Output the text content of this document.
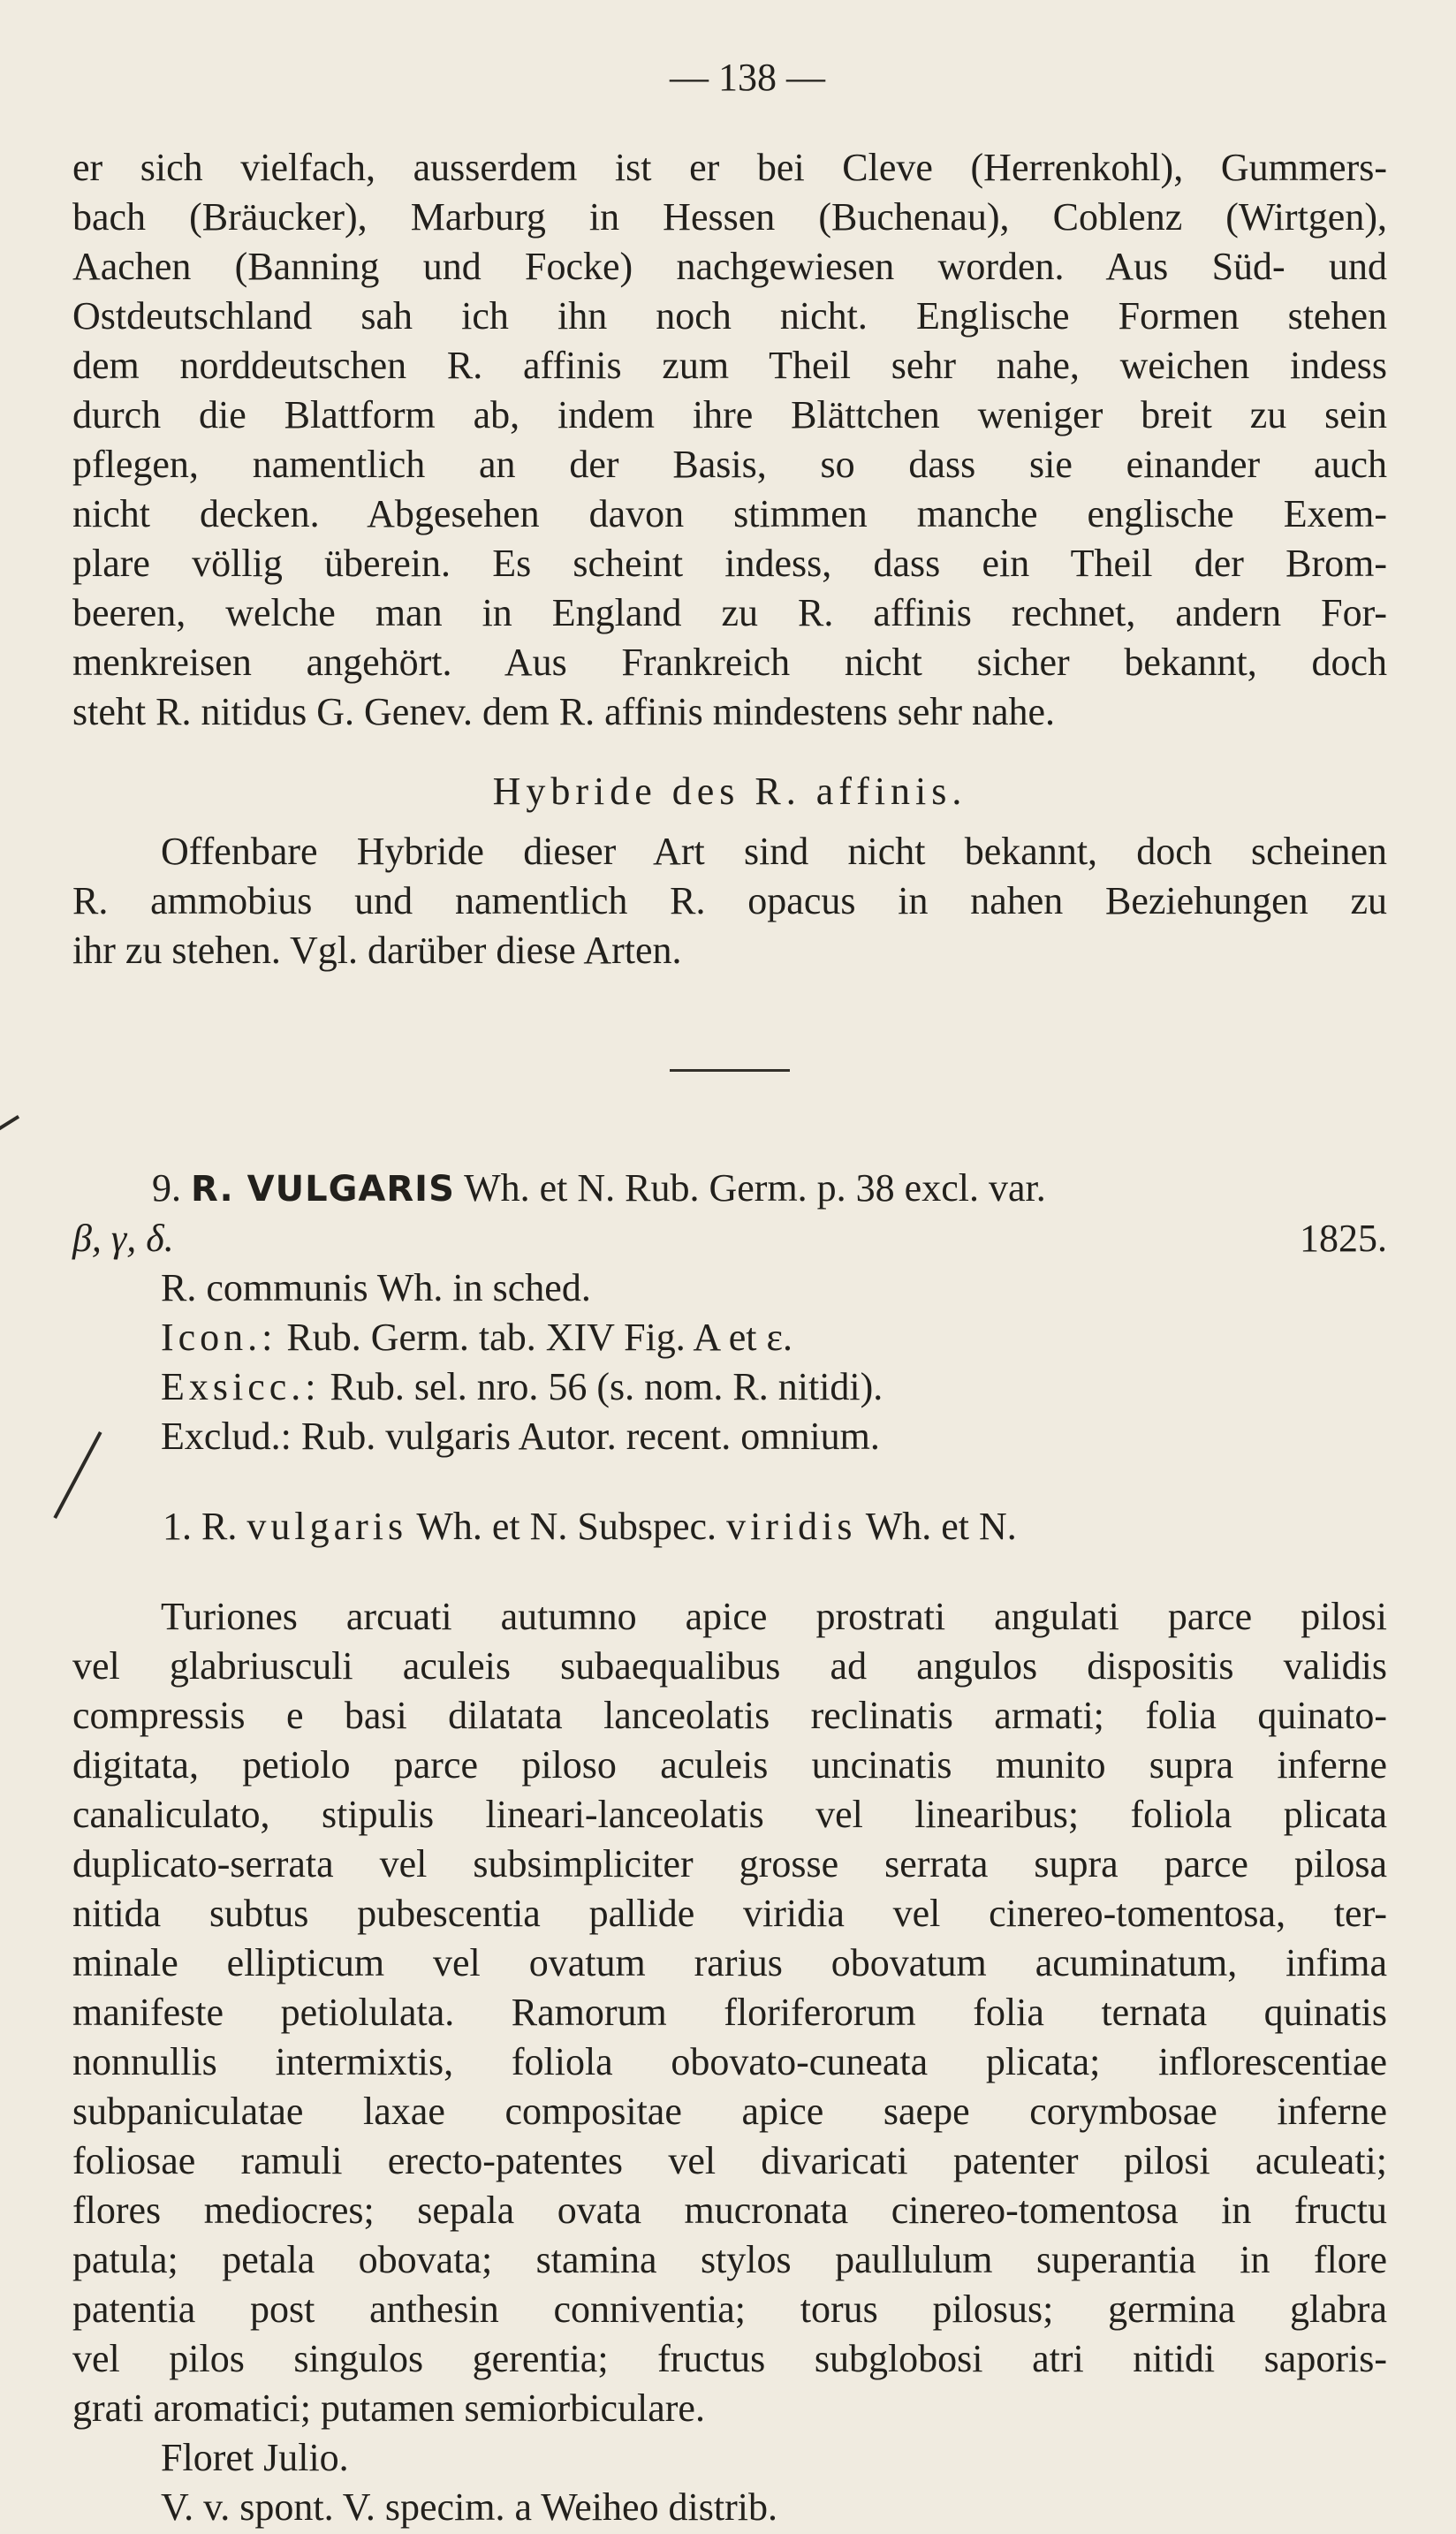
— 138 —
er sich vielfach, ausserdem ist er bei Cleve (Herrenkohl), Gummers-
bach (Bräucker), Marburg in Hessen (Buchenau), Coblenz (Wirtgen),
Aachen (Banning und Focke) nachgewiesen worden. Aus Süd- und
Ostdeutschland sah ich ihn noch nicht. Englische Formen stehen
dem norddeutschen R. affinis zum Theil sehr nahe, weichen indess
durch die Blattform ab, indem ihre Blättchen weniger breit zu sein
pflegen, namentlich an der Basis, so dass sie einander auch
nicht decken. Abgesehen davon stimmen manche englische Exem-
plare völlig überein. Es scheint indess, dass ein Theil der Brom-
beeren, welche man in England zu R. affinis rechnet, andern For-
menkreisen angehört. Aus Frankreich nicht sicher bekannt, doch
steht R. nitidus G. Genev. dem R. affinis mindestens sehr nahe.
Hybride des R. affinis.
Offenbare Hybride dieser Art sind nicht bekannt, doch scheinen
R. ammobius und namentlich R. opacus in nahen Beziehungen zu
ihr zu stehen. Vgl. darüber diese Arten.
9. R. VULGARIS Wh. et N. Rub. Germ. p. 38 excl. var.
β, γ, δ.	1825.
R. communis Wh. in sched.
Icon.: Rub. Germ. tab. XIV Fig. A et ε.
Exsicc.: Rub. sel. nro. 56 (s. nom. R. nitidi).
Exclud.: Rub. vulgaris Autor. recent. omnium.
1. R. vulgaris Wh. et N. Subspec. viridis Wh. et N.
Turiones arcuati autumno apice prostrati angulati parce pilosi
vel glabriusculi aculeis subaequalibus ad angulos dispositis validis
compressis e basi dilatata lanceolatis reclinatis armati; folia quinato-
digitata, petiolo parce piloso aculeis uncinatis munito supra inferne
canaliculato, stipulis lineari-lanceolatis vel linearibus; foliola plicata
duplicato-serrata vel subsimpliciter grosse serrata supra parce pilosa
nitida subtus pubescentia pallide viridia vel cinereo-tomentosa, ter-
minale ellipticum vel ovatum rarius obovatum acuminatum, infima
manifeste petiolulata. Ramorum floriferorum folia ternata quinatis
nonnullis intermixtis, foliola obovato-cuneata plicata; inflorescentiae
subpaniculatae laxae compositae apice saepe corymbosae inferne
foliosae ramuli erecto-patentes vel divaricati patenter pilosi aculeati;
flores mediocres; sepala ovata mucronata cinereo-tomentosa in fructu
patula; petala obovata; stamina stylos paullulum superantia in flore
patentia post anthesin conniventia; torus pilosus; germina glabra
vel pilos singulos gerentia; fructus subglobosi atri nitidi saporis-
grati aromatici; putamen semiorbiculare.
Floret Julio.
V. v. spont. V. specim. a Weiheo distrib.
